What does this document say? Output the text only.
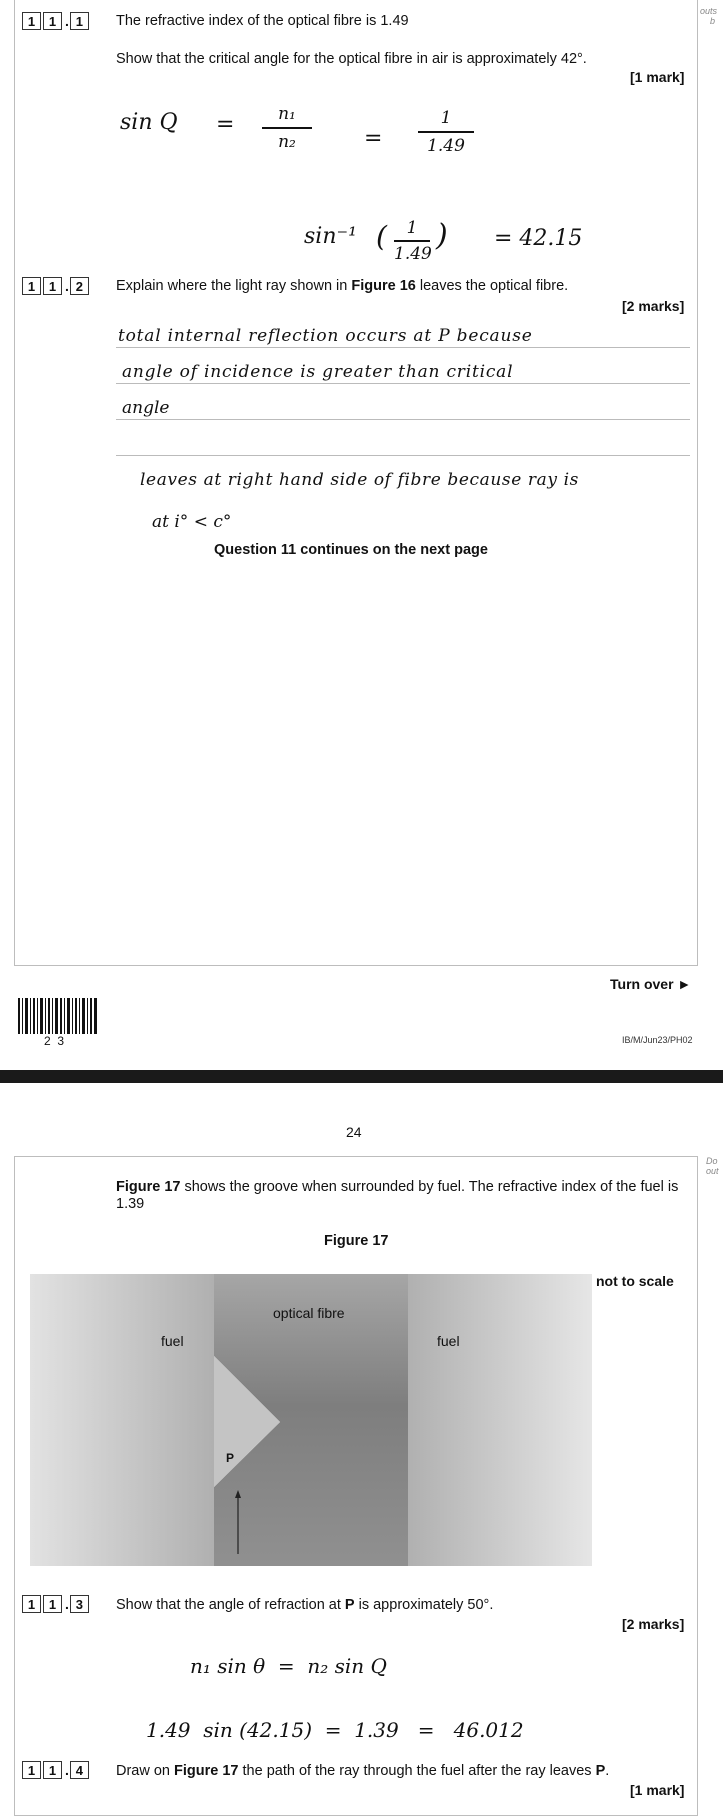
outs
b
1	1 . 1	The refractive index of the optical fibre is 1.49
Show that the critical angle for the optical fibre in air is approximately 42°.
[1 mark]
sin Q =	n₁
n₂	=
1
1.49
sin⁻¹ (	1
1.49
) = 42.15
1	1 . 2	Explain where the light ray shown in Figure 16 leaves the optical fibre.
[2 marks]
total internal reflection occurs at P because
angle of incidence is greater than critical
angle
leaves at right hand side of fibre because ray is
at i° < c°
Question 11 continues on the next page
Turn over ►
2  3	IB/M/Jun23/PH02
24
Do
out
Figure 17 shows the groove when surrounded by fuel. The refractive index of the fuel is 1.39
Figure 17
not to scale
optical fibre
fuel	fuel
P
1	1 . 3	Show that the angle of refraction at P is approximately 50°.
[2 marks]
n₁ sin θ  =  n₂ sin Q
1.49  sin (42.15)  =  1.39   =   46.012
1	1 . 4	Draw on Figure 17 the path of the ray through the fuel after the ray leaves P.
[1 mark]
